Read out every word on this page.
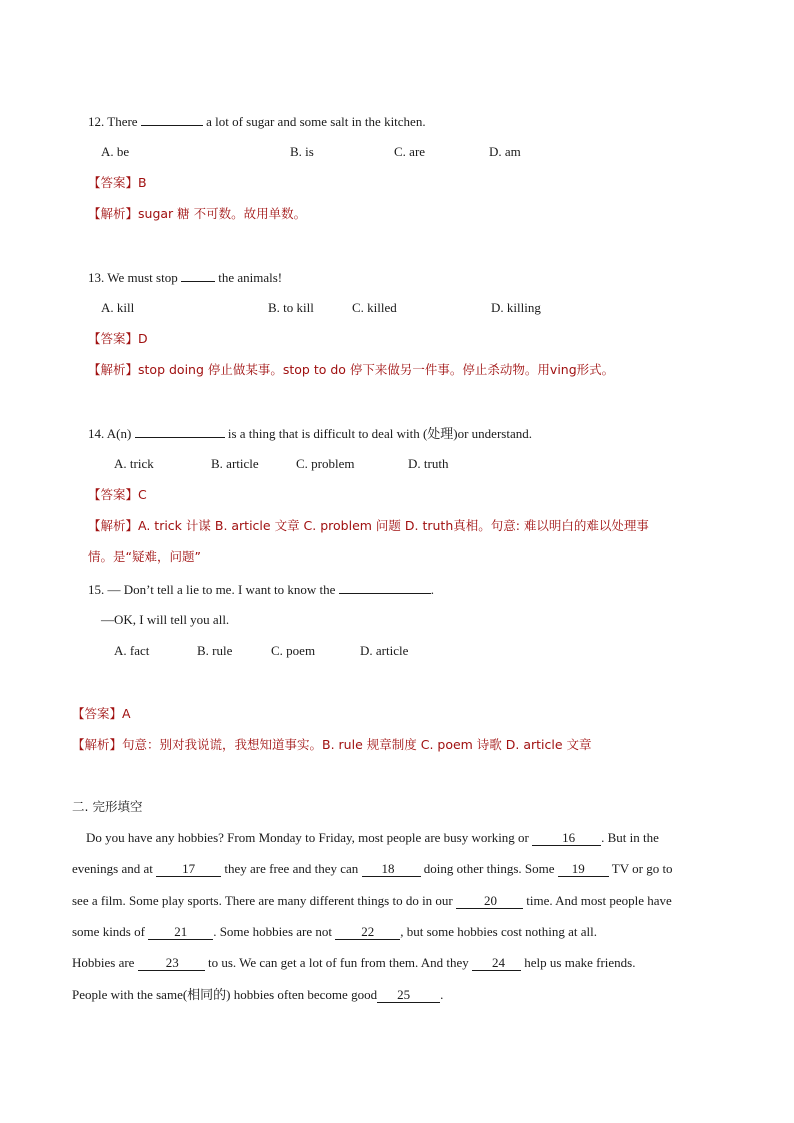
12. There	a lot of sugar and some salt in the kitchen.
A. be	B. is	C. are	D. am
【答案】B
【解析】sugar 糖 不可数。故用单数。
13. We must stop	the animals!
A. kill	B. to kill	C. killed	D. killing
【答案】D
【解析】stop doing 停止做某事。stop to do 停下来做另一件事。停止杀动物。用ving形式。
14. A(n)	is a thing that is difficult to deal with (处理)or understand.
A. trick	B. article	C. problem	D. truth
【答案】C
【解析】A. trick 计谋 B. article 文章 C. problem 问题 D. truth真相。句意: 难以明白的难以处理事
情。是“疑难，问题”
15. — Don’t tell a lie to me. I want to know the	.
—OK, I will tell you all.
A. fact	B. rule	C. poem	D. article
【答案】A
【解析】句意：别对我说谎，我想知道事实。B. rule 规章制度 C. poem 诗歌 D. article 文章
二. 完形填空
Do you have any hobbies? From Monday to Friday, most people are busy working or	16 . But in the
evenings and at 17 they are free and they can 18 doing other things. Some 19 TV or go to
see a film. Some play sports. There are many different things to do in our 20 time. And most people have
some kinds of 21 . Some hobbies are not 22 , but some hobbies cost nothing at all.
Hobbies are 23 to us. We can get a lot of fun from them. And they 24 help us make friends.
People with the same(相同的) hobbies often become good 25 .
